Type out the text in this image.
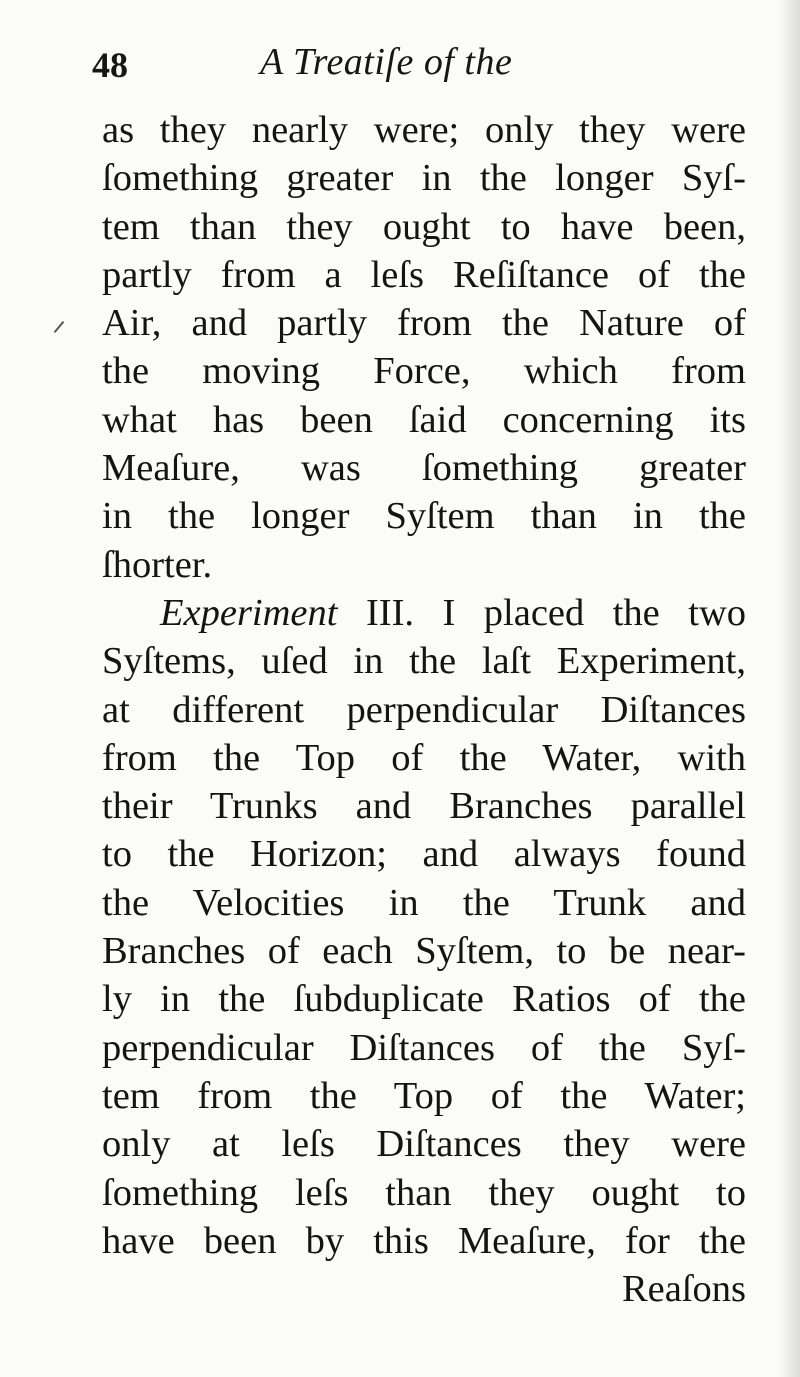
48	A Treatiſe of the
as they nearly were; only they were
ſomething greater in the longer Syſ-
tem than they ought to have been,
partly from a leſs Reſiſtance of the
Air, and partly from the Nature of
the moving Force, which from
what has been ſaid concerning its
Meaſure, was ſomething greater
in the longer Syſtem than in the
ſhorter.
Experiment III. I placed the two
Syſtems, uſed in the laſt Experiment,
at different perpendicular Diſtances
from the Top of the Water, with
their Trunks and Branches parallel
to the Horizon; and always found
the Velocities in the Trunk and
Branches of each Syſtem, to be near-
ly in the ſubduplicate Ratios of the
perpendicular Diſtances of the Syſ-
tem from the Top of the Water;
only at leſs Diſtances they were
ſomething leſs than they ought to
have been by this Meaſure, for the
Reaſons
